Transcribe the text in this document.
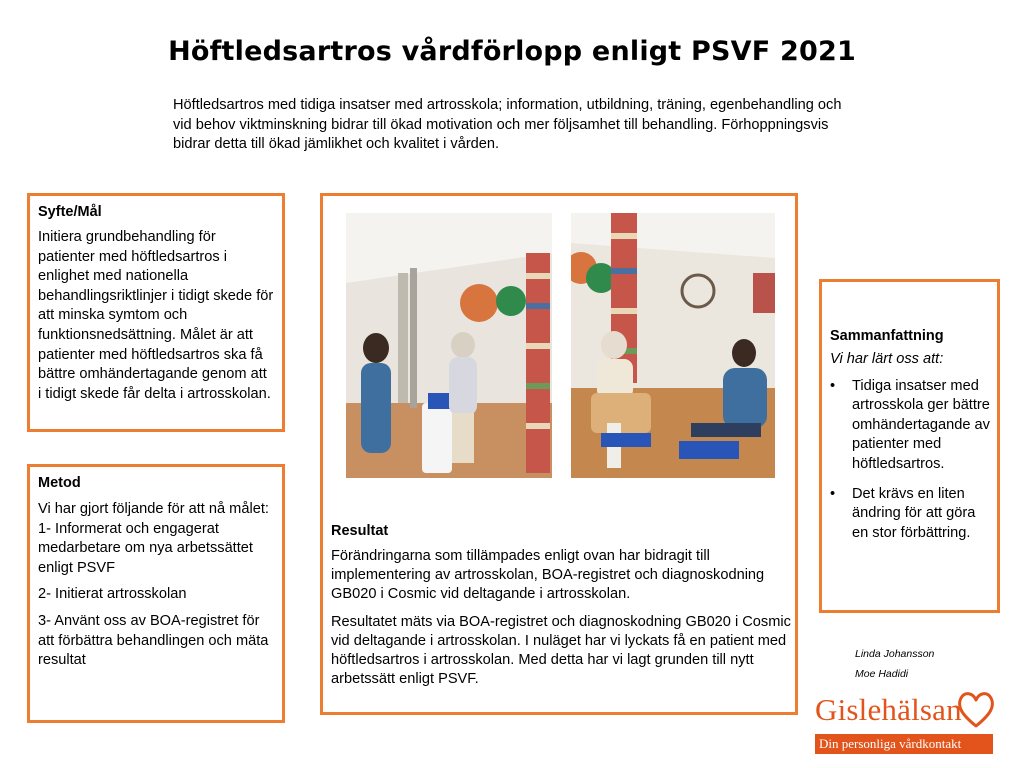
Höftledsartros vårdförlopp enligt PSVF 2021
Höftledsartros med tidiga insatser med artrosskola; information, utbildning, träning, egenbehandling och vid behov viktminskning bidrar till ökad motivation och mer följsamhet till behandling. Förhoppningsvis bidrar detta till ökad jämlikhet och kvalitet i vården.
Syfte/Mål

Initiera grundbehandling för patienter med höftledsartros i enlighet med nationella behandlingsriktlinjer i tidigt skede för att minska symtom och funktionsnedsättning. Målet är att patienter med höftledsartros ska få bättre omhändertagande genom att i tidigt skede får delta i artrosskolan.

Metod

Vi har gjort följande för att nå målet:

1- Informerat och engagerat medarbetare om nya arbetssättet enligt PSVF

2- Initierat artrosskolan

3- Använt oss av BOA-registret för att förbättra behandlingen och mäta resultat

Resultat

Förändringarna som tillämpades enligt ovan har bidragit till implementering av artrosskolan, BOA-registret och diagnoskodning GB020 i Cosmic vid deltagande i artrosskolan.

Resultatet mäts via BOA-registret och diagnoskodning GB020 i Cosmic vid deltagande i artrosskolan. I nuläget har vi lyckats få en patient med höftledsartros i artrosskolan. Med detta har vi lagt grunden till nytt arbetssätt enligt PSVF.

Sammanfattning

Vi har lärt oss att:

• Tidiga insatser med artrosskola ger bättre omhändertagande av patienter med höftledsartros.
• Det krävs en liten ändring för att göra en stor förbättring.
Linda Johansson
Moe Hadidi
Gislehälsan
Din personliga vårdkontakt
